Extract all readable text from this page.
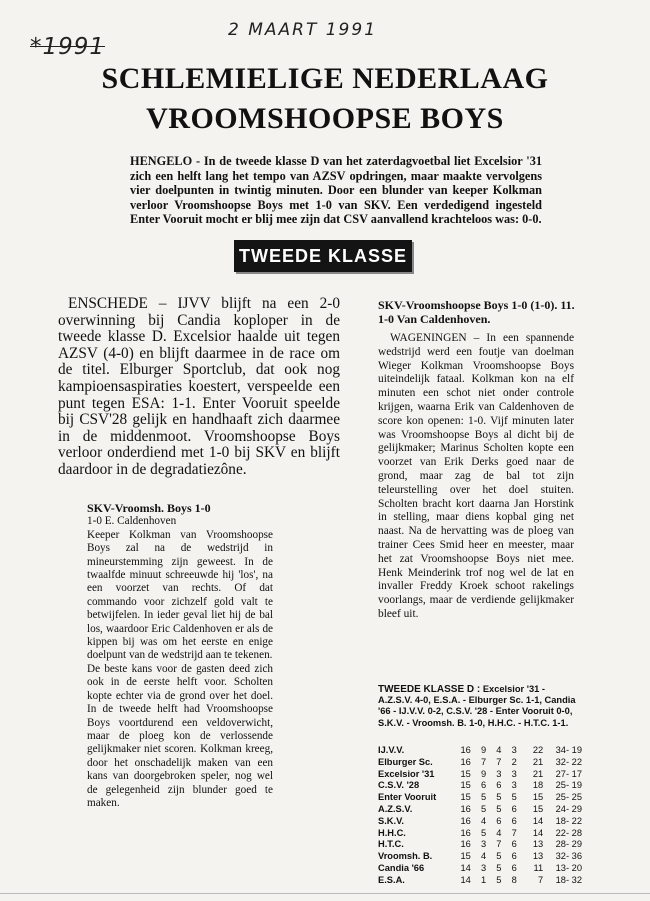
*1991
2 MAART 1991
SCHLEMIELIGE NEDERLAAG
VROOMSHOOPSE BOYS

HENGELO - In de tweede klasse D van het zaterdagvoetbal liet Excelsior '31 zich een helft lang het tempo van AZSV opdringen, maar maakte vervolgens vier doelpunten in twintig minuten. Door een blunder van keeper Kolkman verloor Vroomshoopse Boys met 1-0 van SKV. Een verdedigend ingesteld Enter Vooruit mocht er blij mee zijn dat CSV aanvallend krachteloos was: 0-0.

TWEEDE KLASSE

ENSCHEDE – IJVV blijft na een 2-0 overwinning bij Candia koploper in de tweede klasse D. Excelsior haalde uit tegen AZSV (4-0) en blijft daarmee in de race om de titel. Elburger Sportclub, dat ook nog kampioensaspiraties koestert, verspeelde een punt tegen ESA: 1-1. Enter Vooruit speelde bij CSV'28 gelijk en handhaaft zich daarmee in de middenmoot. Vroomshoopse Boys verloor onderdiend met 1-0 bij SKV en blijft daardoor in de degradatiezône.

SKV-Vroomsh. Boys 1-0
1-0 E. Caldenhoven

Keeper Kolkman van Vroomshoopse Boys zal na de wedstrijd in mineurstemming zijn geweest. In de twaalfde minuut schreeuwde hij 'los', na een voorzet van rechts. Of dat commando voor zichzelf gold valt te betwijfelen. In ieder geval liet hij de bal los, waardoor Eric Caldenhoven er als de kippen bij was om het eerste en enige doelpunt van de wedstrijd aan te tekenen.

De beste kans voor de gasten deed zich ook in de eerste helft voor. Scholten kopte echter via de grond over het doel. In de tweede helft had Vroomshoopse Boys voortdurend een veldoverwicht, maar de ploeg kon de verlossende gelijkmaker niet scoren. Kolkman kreeg, door het onschadelijk maken van een kans van doorgebroken speler, nog wel de gelegenheid zijn blunder goed te maken.

SKV-Vroomshoopse Boys 1-0 (1-0). 11. 1-0 Van Caldenhoven.

WAGENINGEN – In een spannende wedstrijd werd een foutje van doelman Wieger Kolkman Vroomshoopse Boys uiteindelijk fataal. Kolkman kon na elf minuten een schot niet onder controle krijgen, waarna Erik van Caldenhoven de score kon openen: 1-0. Vijf minuten later was Vroomshoopse Boys al dicht bij de gelijkmaker; Marinus Scholten kopte een voorzet van Erik Derks goed naar de grond, maar zag de bal tot zijn teleurstelling over het doel stuiten. Scholten bracht kort daarna Jan Horstink in stelling, maar diens kopbal ging net naast. Na de hervatting was de ploeg van trainer Cees Smid heer en meester, maar het zat Vroomshoopse Boys niet mee. Henk Meinderink trof nog wel de lat en invaller Freddy Kroek schoot rakelings voorlangs, maar de verdiende gelijkmaker bleef uit.

TWEEDE KLASSE D : Excelsior '31 - A.Z.S.V. 4-0, E.S.A. - Elburger Sc. 1-1, Candia '66 - IJ.V.V. 0-2, C.S.V. '28 - Enter Vooruit 0-0, S.K.V. - Vroomsh. B. 1-0, H.H.C. - H.T.C. 1-1.
IJ.V.V.	16	9	4	3	22	34- 19
Elburger Sc.	16	7	7	2	21	32- 22
Excelsior '31	15	9	3	3	21	27- 17
C.S.V. '28	15	6	6	3	18	25- 19
Enter Vooruit	15	5	5	5	15	25- 25
A.Z.S.V.	16	5	5	6	15	24- 29
S.K.V.	16	4	6	6	14	18- 22
H.H.C.	16	5	4	7	14	22- 28
H.T.C.	16	3	7	6	13	28- 29
Vroomsh. B.	15	4	5	6	13	32- 36
Candia '66	14	3	5	6	11	13- 20
E.S.A.	14	1	5	8	7	18- 32
